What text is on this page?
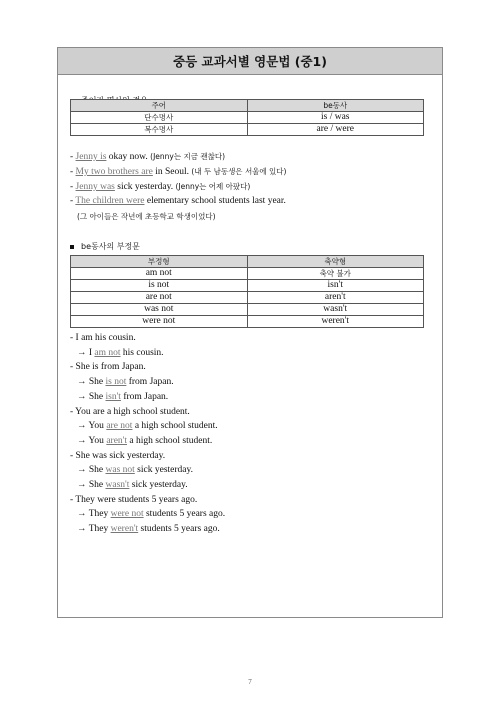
중등 교과서별 영문법 (중1)
주어	be동사
단수명사	is / was
복수명사	are / were
- Jenny is okay now. (Jenny는 지금 괜찮다)
- My two brothers are in Seoul. (내 두 남동생은 서울에 있다)
- Jenny was sick yesterday. (Jenny는 어제 아팠다)
- The children were elementary school students last year.
(그 아이들은 작년에 초등학교 학생이었다)
be동사의 부정문
부정형	축약형
am not	축약 불가
is not	isn't
are not	aren't
was not	wasn't
were not	weren't
- I am his cousin.
→ I am not his cousin.
- She is from Japan.
→ She is not from Japan.
→ She isn't from Japan.
- You are a high school student.
→ You are not a high school student.
→ You aren't a high school student.
- She was sick yesterday.
→ She was not sick yesterday.
→ She wasn't sick yesterday.
- They were students 5 years ago.
→ They were not students 5 years ago.
→ They weren't students 5 years ago.
7
